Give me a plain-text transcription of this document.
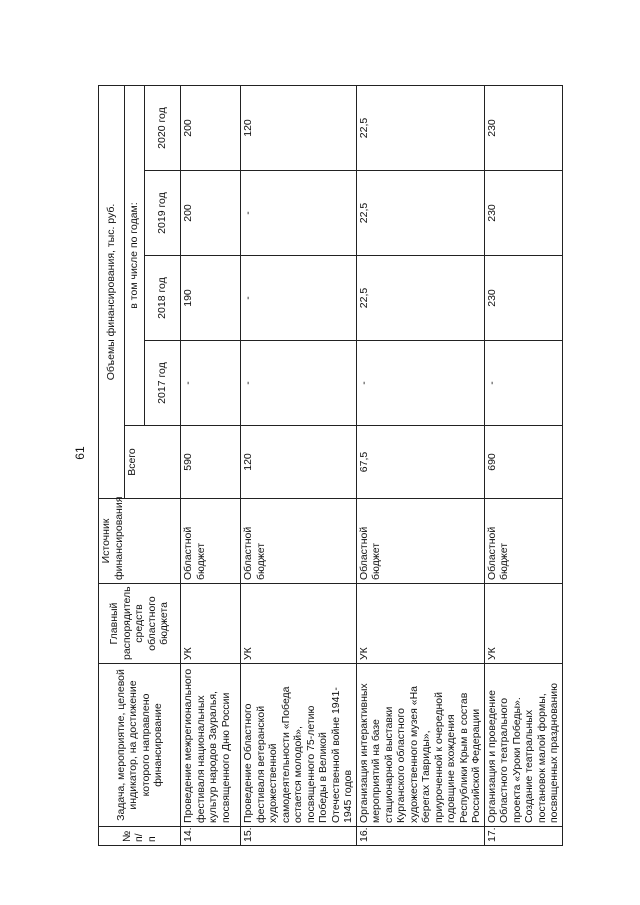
61
№ п/п	Задача, мероприятие, целевой индикатор, на достижение которого направлено финансирование	Главный распорядитель средств областного бюджета	Источник финансирования	Объемы финансирования, тыс. руб.				
				Всего	в том числе по годам:			
					2017 год	2018 год	2019 год	2020 год
14.	Проведение межрегионального фестиваля национальных культур народов Зауралья, посвященного Дню России	УК	Областной бюджет	590	-	190	200	200
15.	Проведение Областного фестиваля ветеранской художественной самодеятельности «Победа остается молодой», посвященного 75-летию Победы в Великой Отечественной войне 1941-1945 годов	УК	Областной бюджет	120	-	-	-	120
16.	Организация интерактивных мероприятий на базе стационарной выставки Курганского областного художественного музея «На берегах Тавриды», приуроченной к очередной годовщине вхождения Республики Крым в состав Российской Федерации	УК	Областной бюджет	67,5	-	22,5	22,5	22,5
17.	Организация и проведение Областного театрального проекта «Уроки Победы». Создание театральных постановок малой формы, посвященных празднованию	УК	Областной бюджет	690	-	230	230	230
